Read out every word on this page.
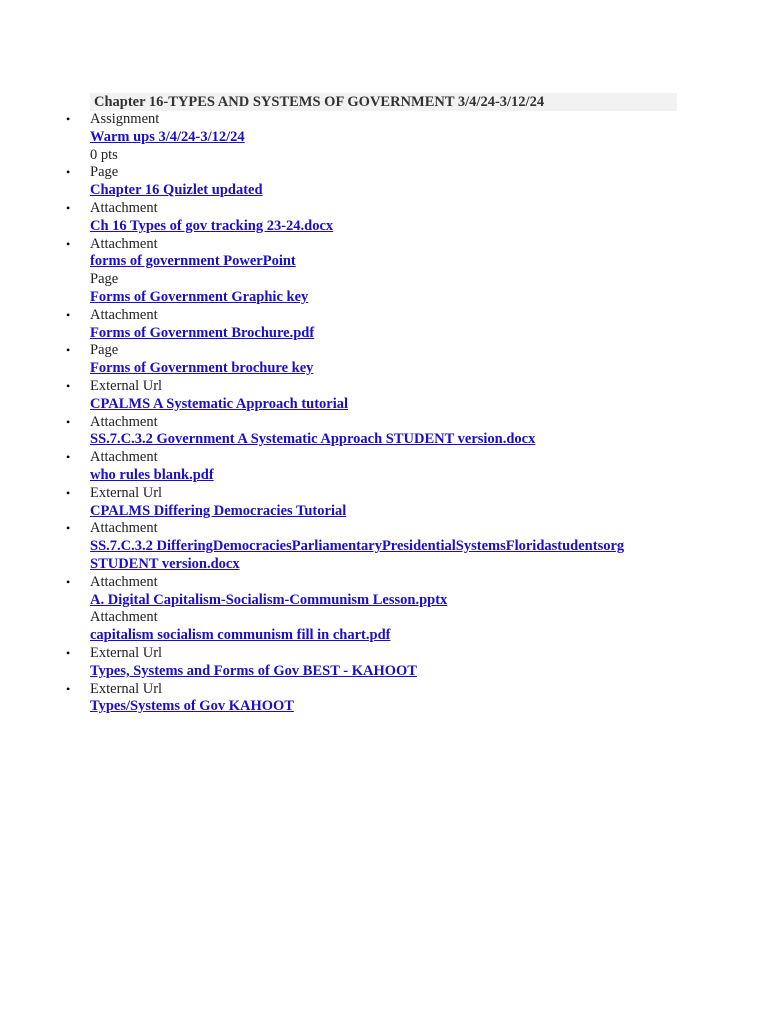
Chapter 16-TYPES AND SYSTEMS OF GOVERNMENT 3/4/24-3/12/24
• Assignment
Warm ups 3/4/24-3/12/24
0 pts
• Page
Chapter 16 Quizlet updated
• Attachment
Ch 16 Types of gov tracking 23-24.docx
• Attachment
forms of government PowerPoint
Page
Forms of Government Graphic key
• Attachment
Forms of Government Brochure.pdf
• Page
Forms of Government brochure key
• External Url
CPALMS A Systematic Approach tutorial
• Attachment
SS.7.C.3.2 Government A Systematic Approach STUDENT version.docx
• Attachment
who rules blank.pdf
• External Url
CPALMS Differing Democracies Tutorial
• Attachment
SS.7.C.3.2 DifferingDemocraciesParliamentaryPresidentialSystemsFloridastudentsorg STUDENT version.docx
• Attachment
A. Digital Capitalism-Socialism-Communism Lesson.pptx
Attachment
capitalism socialism communism fill in chart.pdf
• External Url
Types, Systems and Forms of Gov BEST - KAHOOT
• External Url
Types/Systems of Gov KAHOOT
